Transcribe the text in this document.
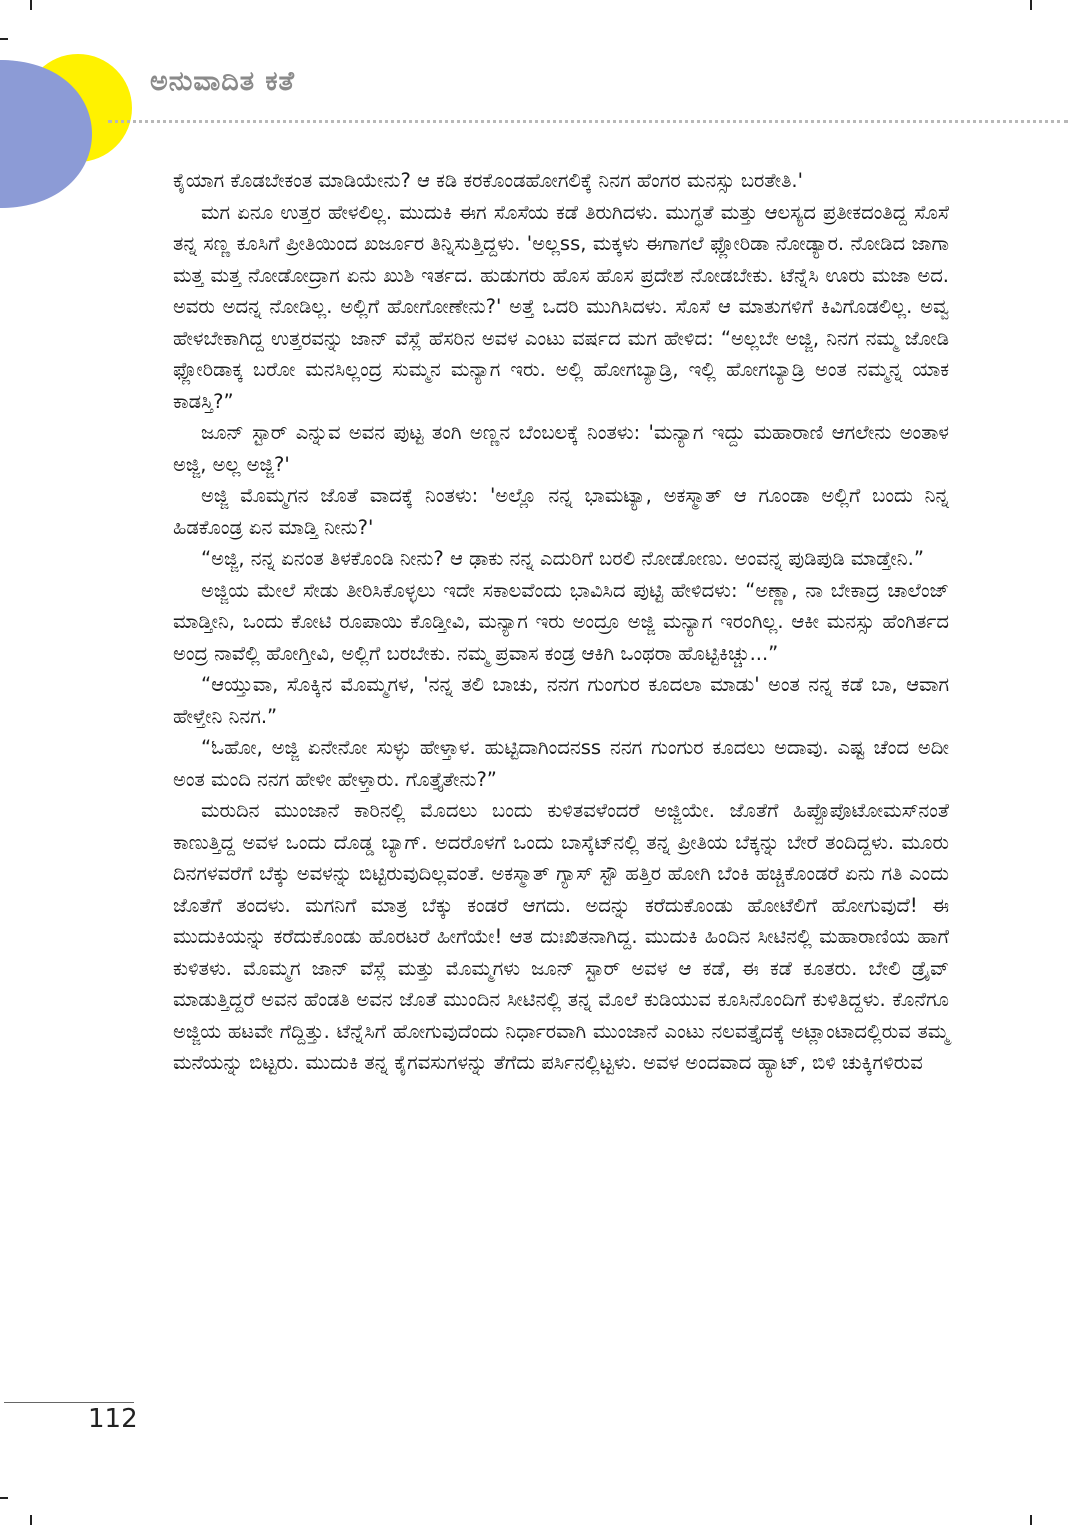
ಅನುವಾದಿತ ಕತೆ

ಕೈಯಾಗ ಕೊಡಬೇಕಂತ ಮಾಡಿಯೇನು? ಆ ಕಡಿ ಕರಕೊಂಡಹೋಗಲಿಕ್ಕೆ ನಿನಗ ಹೆಂಗರ ಮನಸ್ಸು ಬರತೇತಿ.'

ಮಗ ಏನೂ ಉತ್ತರ ಹೇಳಲಿಲ್ಲ. ಮುದುಕಿ ಈಗ ಸೊಸೆಯ ಕಡೆ ತಿರುಗಿದಳು. ಮುಗ್ಧತೆ ಮತ್ತು ಆಲಸ್ಯದ ಪ್ರತೀಕದಂತಿದ್ದ ಸೊಸೆ ತನ್ನ ಸಣ್ಣ ಕೂಸಿಗೆ ಪ್ರೀತಿಯಿಂದ ಖರ್ಜೂರ ತಿನ್ನಿಸುತ್ತಿದ್ದಳು. 'ಅಲ್ಲss, ಮಕ್ಕಳು ಈಗಾಗಲೆ ಫ್ಲೋರಿಡಾ ನೋಡ್ಯಾರ. ನೋಡಿದ ಜಾಗಾ ಮತ್ತ ಮತ್ತ ನೋಡೋದ್ರಾಗ ಏನು ಖುಶಿ ಇರ್ತದ. ಹುಡುಗರು ಹೊಸ ಹೊಸ ಪ್ರದೇಶ ನೋಡಬೇಕು. ಟೆನ್ನೆಸಿ ಊರು ಮಜಾ ಅದ. ಅವರು ಅದನ್ನ ನೋಡಿಲ್ಲ. ಅಲ್ಲಿಗೆ ಹೋಗೋಣೇನು?' ಅತ್ತೆ ಒದರಿ ಮುಗಿಸಿದಳು. ಸೊಸೆ ಆ ಮಾತುಗಳಿಗೆ ಕಿವಿಗೊಡಲಿಲ್ಲ. ಅವ್ವ ಹೇಳಬೇಕಾಗಿದ್ದ ಉತ್ತರವನ್ನು ಜಾನ್ ವೆಸ್ಲೆ ಹೆಸರಿನ ಅವಳ ಎಂಟು ವರ್ಷದ ಮಗ ಹೇಳಿದ: “ಅಲ್ಲಬೇ ಅಜ್ಜಿ, ನಿನಗ ನಮ್ಮ ಜೋಡಿ ಫ್ಲೋರಿಡಾಕ್ಕ ಬರೋ ಮನಸಿಲ್ಲಂದ್ರ ಸುಮ್ಮನ ಮನ್ಯಾಗ ಇರು. ಅಲ್ಲಿ ಹೋಗಬ್ಯಾಡ್ರಿ, ಇಲ್ಲಿ ಹೋಗಬ್ಯಾಡ್ರಿ ಅಂತ ನಮ್ಮನ್ನ ಯಾಕ ಕಾಡಸ್ತಿ?”

ಜೂನ್ ಸ್ಟಾರ್ ಎನ್ನುವ ಅವನ ಪುಟ್ಟ ತಂಗಿ ಅಣ್ಣನ ಬೆಂಬಲಕ್ಕೆ ನಿಂತಳು: 'ಮನ್ಯಾಗ ಇದ್ದು ಮಹಾರಾಣಿ ಆಗಲೇನು ಅಂತಾಳ ಅಜ್ಜಿ, ಅಲ್ಲ ಅಜ್ಜಿ?'

ಅಜ್ಜಿ ಮೊಮ್ಮಗನ ಜೊತೆ ವಾದಕ್ಕೆ ನಿಂತಳು: 'ಅಲ್ಲೊ ನನ್ನ ಭಾಮಟ್ಯಾ, ಅಕಸ್ಮಾತ್ ಆ ಗೂಂಡಾ ಅಲ್ಲಿಗೆ ಬಂದು ನಿನ್ನ ಹಿಡಕೊಂಡ್ರ ಏನ ಮಾಡ್ತಿ ನೀನು?'

“ಅಜ್ಜಿ, ನನ್ನ ಏನಂತ ತಿಳಕೊಂಡಿ ನೀನು? ಆ ಢಾಕು ನನ್ನ ಎದುರಿಗೆ ಬರಲಿ ನೋಡೋಣು. ಅಂವನ್ನ ಪುಡಿಪುಡಿ ಮಾಡ್ತೇನಿ.”

ಅಜ್ಜಿಯ ಮೇಲೆ ಸೇಡು ತೀರಿಸಿಕೊಳ್ಳಲು ಇದೇ ಸಕಾಲವೆಂದು ಭಾವಿಸಿದ ಪುಟ್ಟಿ ಹೇಳಿದಳು: “ಅಣ್ಣಾ, ನಾ ಬೇಕಾದ್ರ ಚಾಲೆಂಜ್ ಮಾಡ್ತೀನಿ, ಒಂದು ಕೋಟಿ ರೂಪಾಯಿ ಕೊಡ್ತೀವಿ, ಮನ್ಯಾಗ ಇರು ಅಂದ್ರೂ ಅಜ್ಜಿ ಮನ್ಯಾಗ ಇರಂಗಿಲ್ಲ. ಆಕೀ ಮನಸ್ಸು ಹೆಂಗಿರ್ತದ ಅಂದ್ರ ನಾವೆಲ್ಲಿ ಹೋಗ್ತೀವಿ, ಅಲ್ಲಿಗೆ ಬರಬೇಕು. ನಮ್ಮ ಪ್ರವಾಸ ಕಂಡ್ರ ಆಕಿಗಿ ಒಂಥರಾ ಹೊಟ್ಟಿಕಿಚ್ಚು...”

“ಆಯ್ತುವಾ, ಸೊಕ್ಕಿನ ಮೊಮ್ಮಗಳ, 'ನನ್ನ ತಲಿ ಬಾಚು, ನನಗ ಗುಂಗುರ ಕೂದಲಾ ಮಾಡು' ಅಂತ ನನ್ನ ಕಡೆ ಬಾ, ಆವಾಗ ಹೇಳ್ತೇನಿ ನಿನಗ.”

“ಓಹೋ, ಅಜ್ಜಿ ಏನೇನೋ ಸುಳ್ಳು ಹೇಳ್ತಾಳ. ಹುಟ್ಟಿದಾಗಿಂದನss ನನಗ ಗುಂಗುರ ಕೂದಲು ಅದಾವು. ಎಷ್ಟ ಚೆಂದ ಅದೀ ಅಂತ ಮಂದಿ ನನಗ ಹೇಳೀ ಹೇಳ್ತಾರು. ಗೊತ್ತೈತೇನು?”

ಮರುದಿನ ಮುಂಜಾನೆ ಕಾರಿನಲ್ಲಿ ಮೊದಲು ಬಂದು ಕುಳಿತವಳೆಂದರೆ ಅಜ್ಜಿಯೇ. ಜೊತೆಗೆ ಹಿಪ್ಪೊಪೊಟೋಮಸ್‌ನಂತೆ ಕಾಣುತ್ತಿದ್ದ ಅವಳ ಒಂದು ದೊಡ್ಡ ಬ್ಯಾಗ್. ಅದರೊಳಗೆ ಒಂದು ಬಾಸ್ಕೆಟ್‌ನಲ್ಲಿ ತನ್ನ ಪ್ರೀತಿಯ ಬೆಕ್ಕನ್ನು ಬೇರೆ ತಂದಿದ್ದಳು. ಮೂರು ದಿನಗಳವರೆಗೆ ಬೆಕ್ಕು ಅವಳನ್ನು ಬಿಟ್ಟಿರುವುದಿಲ್ಲವಂತೆ. ಅಕಸ್ಮಾತ್ ಗ್ಯಾಸ್ ಸ್ಟೌ ಹತ್ತಿರ ಹೋಗಿ ಬೆಂಕಿ ಹಚ್ಚಿಕೊಂಡರೆ ಏನು ಗತಿ ಎಂದು ಜೊತೆಗೆ ತಂದಳು. ಮಗನಿಗೆ ಮಾತ್ರ ಬೆಕ್ಕು ಕಂಡರೆ ಆಗದು. ಅದನ್ನು ಕರೆದುಕೊಂಡು ಹೋಟೆಲಿಗೆ ಹೋಗುವುದೆ! ಈ ಮುದುಕಿಯನ್ನು ಕರೆದುಕೊಂಡು ಹೊರಟರೆ ಹೀಗೆಯೇ! ಆತ ದುಃಖಿತನಾಗಿದ್ದ. ಮುದುಕಿ ಹಿಂದಿನ ಸೀಟಿನಲ್ಲಿ ಮಹಾರಾಣಿಯ ಹಾಗೆ ಕುಳಿತಳು. ಮೊಮ್ಮಗ ಜಾನ್ ವೆಸ್ಲೆ ಮತ್ತು ಮೊಮ್ಮಗಳು ಜೂನ್ ಸ್ಟಾರ್ ಅವಳ ಆ ಕಡೆ, ಈ ಕಡೆ ಕೂತರು. ಬೇಲಿ ಡ್ರೈವ್ ಮಾಡುತ್ತಿದ್ದರೆ ಅವನ ಹೆಂಡತಿ ಅವನ ಜೊತೆ ಮುಂದಿನ ಸೀಟಿನಲ್ಲಿ ತನ್ನ ಮೊಲೆ ಕುಡಿಯುವ ಕೂಸಿನೊಂದಿಗೆ ಕುಳಿತಿದ್ದಳು. ಕೊನೆಗೂ ಅಜ್ಜಿಯ ಹಟವೇ ಗೆದ್ದಿತ್ತು. ಟೆನ್ನೆಸಿಗೆ ಹೋಗುವುದೆಂದು ನಿರ್ಧಾರವಾಗಿ ಮುಂಜಾನೆ ಎಂಟು ನಲವತ್ತೈದಕ್ಕೆ ಅಟ್ಲಾಂಟಾದಲ್ಲಿರುವ ತಮ್ಮ ಮನೆಯನ್ನು ಬಿಟ್ಟರು. ಮುದುಕಿ ತನ್ನ ಕೈಗವಸುಗಳನ್ನು ತೆಗೆದು ಪರ್ಸಿನಲ್ಲಿಟ್ಟಳು. ಅವಳ ಅಂದವಾದ ಹ್ಯಾಟ್, ಬಿಳಿ ಚುಕ್ಕಿಗಳಿರುವ

112
